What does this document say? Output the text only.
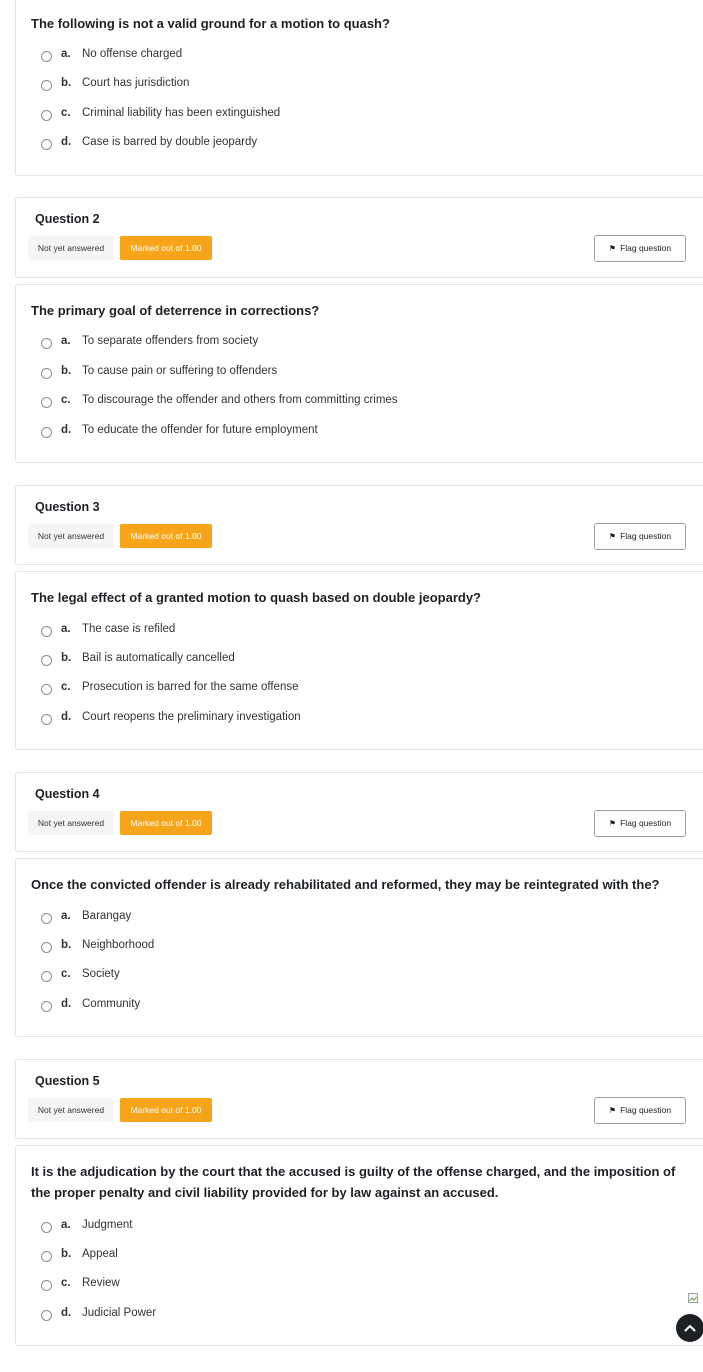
The following is not a valid ground for a motion to quash?
a. No offense charged
b. Court has jurisdiction
c. Criminal liability has been extinguished
d. Case is barred by double jeopardy
Question 2
Not yet answered	Marked out of 1.00	⚑ Flag question
The primary goal of deterrence in corrections?
a. To separate offenders from society
b. To cause pain or suffering to offenders
c. To discourage the offender and others from committing crimes
d. To educate the offender for future employment
Question 3
Not yet answered	Marked out of 1.00	⚑ Flag question
The legal effect of a granted motion to quash based on double jeopardy?
a. The case is refiled
b. Bail is automatically cancelled
c. Prosecution is barred for the same offense
d. Court reopens the preliminary investigation
Question 4
Not yet answered	Marked out of 1.00	⚑ Flag question
Once the convicted offender is already rehabilitated and reformed, they may be reintegrated with the?
a. Barangay
b. Neighborhood
c. Society
d. Community
Question 5
Not yet answered	Marked out of 1.00	⚑ Flag question
It is the adjudication by the court that the accused is guilty of the offense charged, and the imposition of the proper penalty and civil liability provided for by law against an accused.
a. Judgment
b. Appeal
c. Review
d. Judicial Power
